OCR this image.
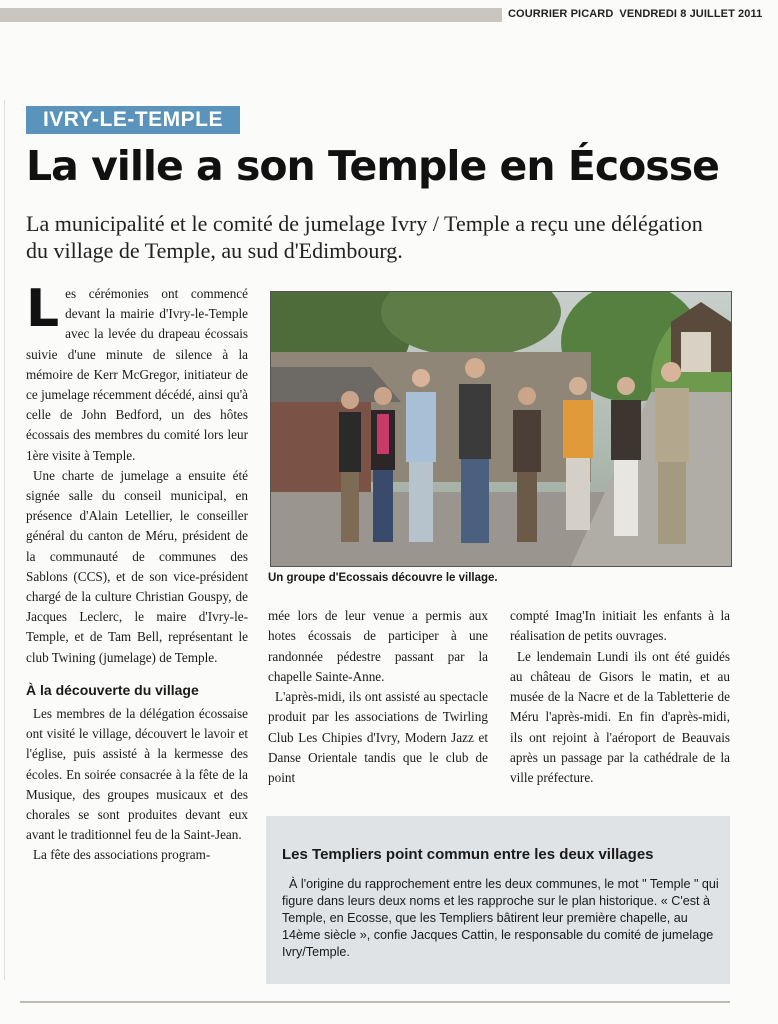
COURRIER PICARD VENDREDI 8 JUILLET 2011
IVRY-LE-TEMPLE
La ville a son Temple en Écosse
La municipalité et le comité de jumelage Ivry / Temple a reçu une délégation du village de Temple, au sud d'Edimbourg.

Les cérémonies ont commencé devant la mairie d'Ivry-le-Temple avec la levée du drapeau écossais suivie d'une minute de silence à la mémoire de Kerr McGregor, initiateur de ce jumelage récemment décédé, ainsi qu'à celle de John Bedford, un des hôtes écossais des membres du comité lors leur 1ère visite à Temple.

Une charte de jumelage a ensuite été signée salle du conseil municipal, en présence d'Alain Letellier, le conseiller général du canton de Méru, président de la communauté de communes des Sablons (CCS), et de son vice-président chargé de la culture Christian Gouspy, de Jacques Leclerc, le maire d'Ivry-le-Temple, et de Tam Bell, représentant le club Twining (jumelage) de Temple.

À la découverte du village

Les membres de la délégation écossaise ont visité le village, découvert le lavoir et l'église, puis assisté à la kermesse des écoles. En soirée consacrée à la fête de la Musique, des groupes musicaux et des chorales se sont produites devant eux avant le traditionnel feu de la Saint-Jean.

La fête des associations program-

Un groupe d'Ecossais découvre le village.

mée lors de leur venue a permis aux hotes écossais de participer à une randonnée pédestre passant par la chapelle Sainte-Anne.

L'après-midi, ils ont assisté au spectacle produit par les associations de Twirling Club Les Chipies d'Ivry, Modern Jazz et Danse Orientale tandis que le club de point

compté Imag'In initiait les enfants à la réalisation de petits ouvrages.

Le lendemain Lundi ils ont été guidés au château de Gisors le matin, et au musée de la Nacre et de la Tabletterie de Méru l'après-midi. En fin d'après-midi, ils ont rejoint à l'aéroport de Beauvais après un passage par la cathédrale de la ville préfecture.

Les Templiers point commun entre les deux villages

À l'origine du rapprochement entre les deux communes, le mot " Temple " qui figure dans leurs deux noms et les rapproche sur le plan historique. « C'est à Temple, en Ecosse, que les Templiers bâtirent leur première chapelle, au 14ème siècle », confie Jacques Cattin, le responsable du comité de jumelage Ivry/Temple.
